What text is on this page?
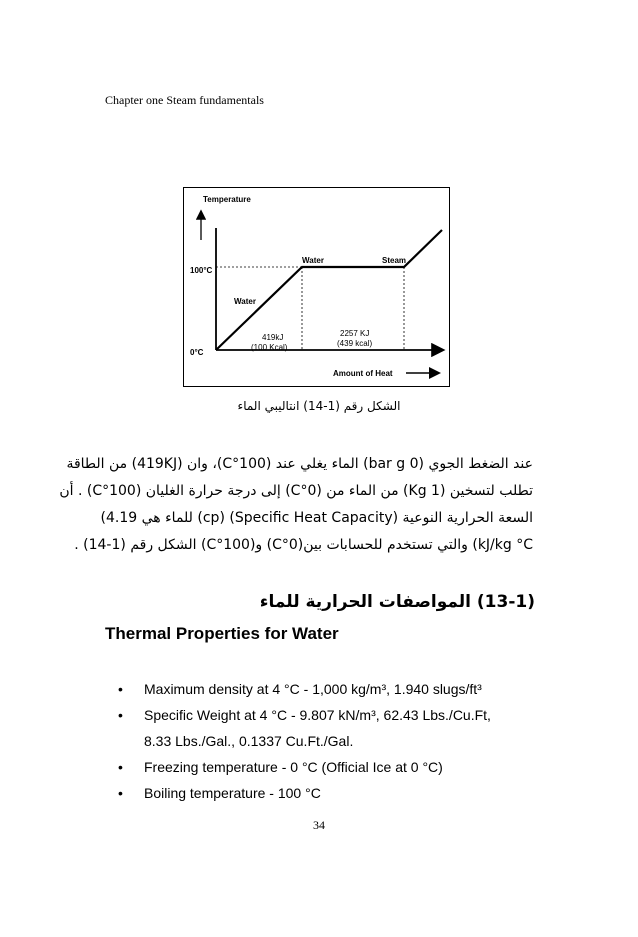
Chapter one Steam fundamentals
Temperature
100°C
0°C
Water
Water	Steam
419kJ
(100 Kcal)
2257 KJ
(439 kcal)
Amount of Heat
الشكل رقم (1-14) انتاليبي الماء
عند الضغط الجوي (0 bar g) الماء يغلي عند (100°C)، وان (419KJ) من الطاقة
تطلب لتسخين (1 Kg) من الماء من (0°C) إلى درجة حرارة الغليان (100°C) . أن
السعة الحرارية النوعية (Specific Heat Capacity) (cp) للماء هي 4.19)
kJ/kg °C) والتي تستخدم للحسابات بين(0°C) و(100°C) الشكل رقم (1-14) .
(13-1) المواصفات الحرارية للماء
Thermal Properties for Water
• Maximum density at 4 °C - 1,000 kg/m³, 1.940 slugs/ft³
• Specific Weight at 4 °C - 9.807 kN/m³, 62.43 Lbs./Cu.Ft,
8.33 Lbs./Gal., 0.1337 Cu.Ft./Gal.
• Freezing temperature - 0 °C (Official Ice at 0 °C)
• Boiling temperature - 100 °C
34
